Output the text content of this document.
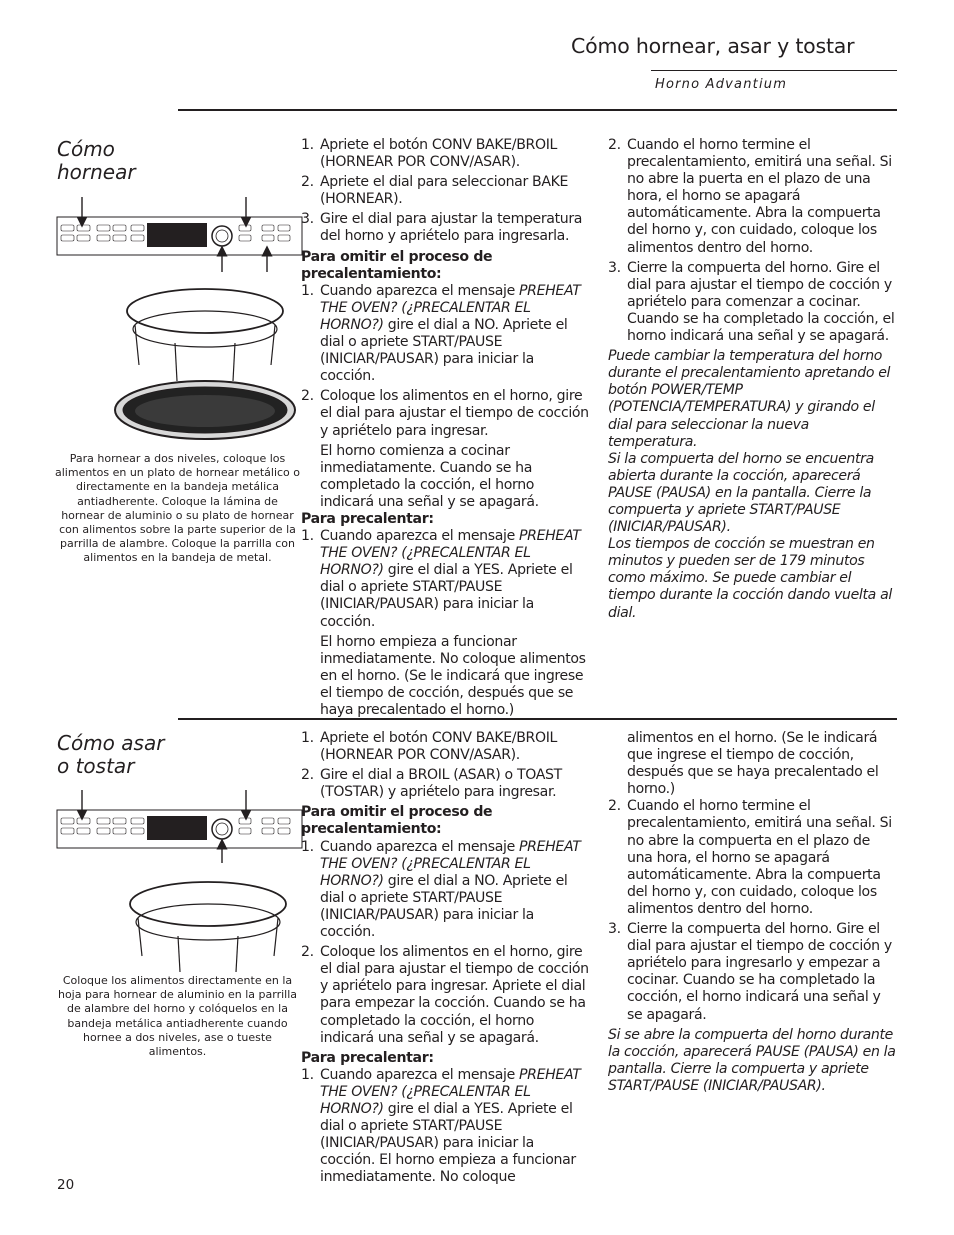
Cómo hornear, asar y tostar
Horno Advantium
Cómo
hornear
Para hornear a dos niveles, coloque los alimentos en un plato de hornear metálico o directamente en la bandeja metálica antiadherente. Coloque la lámina de hornear de aluminio o su plato de hornear con alimentos sobre la parte superior de la parrilla de alambre. Coloque la parrilla con alimentos en la bandeja de metal.
1. Apriete el botón CONV BAKE/BROIL (HORNEAR POR CONV/ASAR).
2. Apriete el dial para seleccionar BAKE (HORNEAR).
3. Gire el dial para ajustar la temperatura del horno y apriételo para ingresarla.

Para omitir el proceso de precalentamiento:

1. Cuando aparezca el mensaje PREHEAT THE OVEN? (¿PRECALENTAR EL HORNO?) gire el dial a NO. Apriete el dial o apriete START/PAUSE (INICIAR/PAUSAR) para iniciar la cocción.
2. Coloque los alimentos en el horno, gire el dial para ajustar el tiempo de cocción y apriételo para ingresar.

El horno comienza a cocinar inmediatamente. Cuando se ha completado la cocción, el horno indicará una señal y se apagará.

Para precalentar:

1. Cuando aparezca el mensaje PREHEAT THE OVEN? (¿PRECALENTAR EL HORNO?) gire el dial a YES. Apriete el dial o apriete START/PAUSE (INICIAR/PAUSAR) para iniciar la cocción.

El horno empieza a funcionar inmediatamente. No coloque alimentos en el horno. (Se le indicará que ingrese el tiempo de cocción, después que se haya precalentado el horno.)

2. Cuando el horno termine el precalentamiento, emitirá una señal. Si no abre la puerta en el plazo de una hora, el horno se apagará automáticamente. Abra la compuerta del horno y, con cuidado, coloque los alimentos dentro del horno.
3. Cierre la compuerta del horno. Gire el dial para ajustar el tiempo de cocción y apriételo para comenzar a cocinar. Cuando se ha completado la cocción, el horno indicará una señal y se apagará.

Puede cambiar la temperatura del horno durante el precalentamiento apretando el botón POWER/TEMP (POTENCIA/TEMPERATURA) y girando el dial para seleccionar la nueva temperatura.

Si la compuerta del horno se encuentra abierta durante la cocción, aparecerá PAUSE (PAUSA) en la pantalla. Cierre la compuerta y apriete START/PAUSE (INICIAR/PAUSAR).

Los tiempos de cocción se muestran en minutos y pueden ser de 179 minutos como máximo. Se puede cambiar el tiempo durante la cocción dando vuelta al dial.

Cómo asar
o tostar
Coloque los alimentos directamente en la hoja para hornear de aluminio en la parrilla de alambre del horno y colóquelos en la bandeja metálica antiadherente cuando hornee a dos niveles, ase o tueste alimentos.
1. Apriete el botón CONV BAKE/BROIL (HORNEAR POR CONV/ASAR).
2. Gire el dial a BROIL (ASAR) o TOAST (TOSTAR) y apriételo para ingresar.

Para omitir el proceso de precalentamiento:

1. Cuando aparezca el mensaje PREHEAT THE OVEN? (¿PRECALENTAR EL HORNO?) gire el dial a NO. Apriete el dial o apriete START/PAUSE (INICIAR/PAUSAR) para iniciar la cocción.
2. Coloque los alimentos en el horno, gire el dial para ajustar el tiempo de cocción y apriételo para ingresar. Apriete el dial para empezar la cocción. Cuando se ha completado la cocción, el horno indicará una señal y se apagará.

Para precalentar:

1. Cuando aparezca el mensaje PREHEAT THE OVEN? (¿PRECALENTAR EL HORNO?) gire el dial a YES. Apriete el dial o apriete START/PAUSE (INICIAR/PAUSAR) para iniciar la cocción. El horno empieza a funcionar inmediatamente. No coloque

alimentos en el horno. (Se le indicará que ingrese el tiempo de cocción, después que se haya precalentado el horno.)

2. Cuando el horno termine el precalentamiento, emitirá una señal. Si no abre la compuerta en el plazo de una hora, el horno se apagará automáticamente. Abra la compuerta del horno y, con cuidado, coloque los alimentos dentro del horno.
3. Cierre la compuerta del horno. Gire el dial para ajustar el tiempo de cocción y apriételo para ingresarlo y empezar a cocinar. Cuando se ha completado la cocción, el horno indicará una señal y se apagará.

Si se abre la compuerta del horno durante la cocción, aparecerá PAUSE (PAUSA) en la pantalla. Cierre la compuerta y apriete START/PAUSE (INICIAR/PAUSAR).

20
